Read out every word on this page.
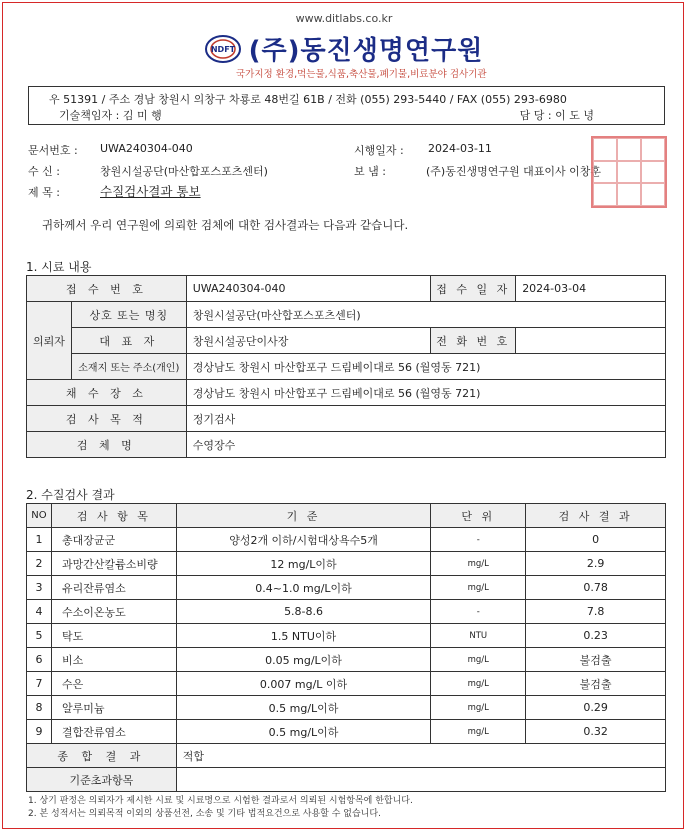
www.ditlabs.co.kr
NDFT (주)동진생명연구원
국가지정 환경,먹는물,식품,축산물,폐기물,비료분야 검사기관
우 51391 / 주소 경남 창원시 의창구 차룡로 48번길 61B / 전화 (055) 293-5440 / FAX (055) 293-6980
기술책임자 : 김 미 행	담 당 : 이 도 녕
문서번호 : UWA240304-040	시행일자 : 2024-03-11
수 신 :	창원시설공단(마산합포스포츠센터)	보 냄 :	(주)동진생명연구원 대표이사 이창훈
제 목 :	수질검사결과 통보
귀하께서 우리 연구원에 의뢰한 검체에 대한 검사결과는 다음과 같습니다.
1. 시료 내용
접 수 번 호		UWA240304-040	접 수 일 자	2024-03-04
의뢰자	상호 또는 명칭	창원시설공단(마산합포스포츠센터)		
	대 표 자	창원시설공단이사장	전 화 번 호	
	소재지 또는 주소(개인)	경상남도 창원시 마산합포구 드림베이대로 56 (월영동 721)		
채 수 장 소		경상남도 창원시 마산합포구 드림베이대로 56 (월영동 721)		
검 사 목 적		정기검사		
검 체 명		수영장수		
2. 수질검사 결과
NO	검 사 항 목	기 준	단 위	검 사 결 과
1	총대장균군	양성2개 이하/시험대상욕수5개	-	0
2	과망간산칼륨소비량	12 mg/L이하	mg/L	2.9
3	유리잔류염소	0.4~1.0 mg/L이하	mg/L	0.78
4	수소이온농도	5.8-8.6	-	7.8
5	탁도	1.5 NTU이하	NTU	0.23
6	비소	0.05 mg/L이하	mg/L	불검출
7	수은	0.007 mg/L 이하	mg/L	불검출
8	알루미늄	0.5 mg/L이하	mg/L	0.29
9	결합잔류염소	0.5 mg/L이하	mg/L	0.32
종 합 결 과		적합		
기준초과항목				
1. 상기 판정은 의뢰자가 제시한 시료 및 시료명으로 시험한 결과로서 의뢰된 시험항목에 한합니다.
2. 본 성적서는 의뢰목적 이외의 상품선전, 소송 및 기타 법적요건으로 사용할 수 없습니다.
